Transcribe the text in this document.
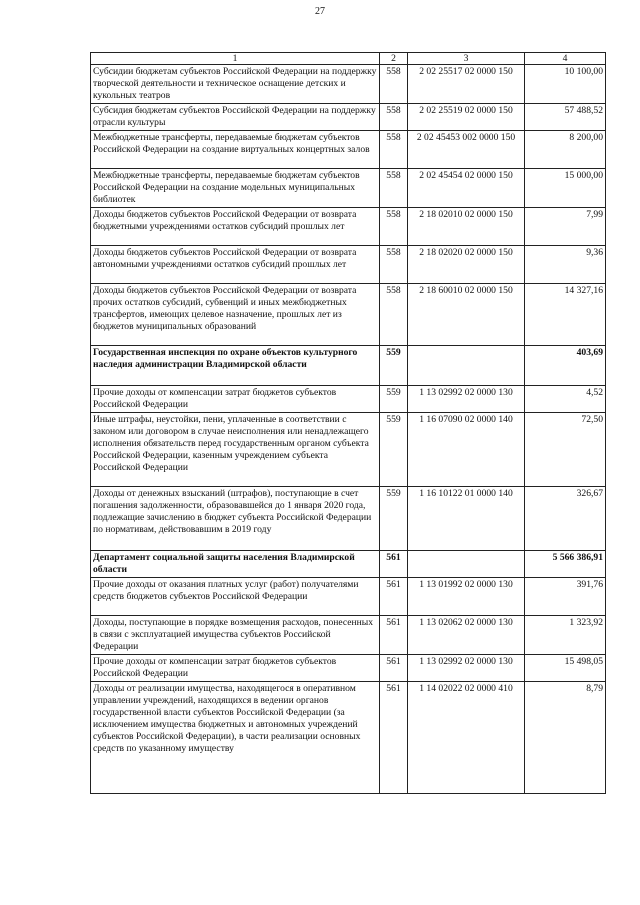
27
1	2	3	4
Субсидии бюджетам субъектов Российской Федерации на поддержку творческой деятельности и техническое оснащение детских и кукольных театров	558	2 02 25517 02 0000 150	10 100,00
Субсидия бюджетам субъектов Российской Федерации на поддержку отрасли культуры	558	2 02 25519 02 0000 150	57 488,52
Межбюджетные трансферты, передаваемые бюджетам субъектов Российской Федерации на создание виртуальных концертных залов	558	2 02 45453 002 0000 150	8 200,00
Межбюджетные трансферты, передаваемые бюджетам субъектов Российской Федерации на создание модельных муниципальных библиотек	558	2 02 45454 02 0000 150	15 000,00
Доходы бюджетов субъектов Российской Федерации от возврата бюджетными учреждениями остатков субсидий прошлых лет	558	2 18 02010 02 0000 150	7,99
Доходы бюджетов субъектов Российской Федерации от возврата автономными учреждениями остатков субсидий прошлых лет	558	2 18 02020 02 0000 150	9,36
Доходы бюджетов субъектов Российской Федерации от возврата прочих остатков субсидий, субвенций и иных межбюджетных трансфертов, имеющих целевое назначение, прошлых лет из бюджетов муниципальных образований	558	2 18 60010 02 0000 150	14 327,16
Государственная инспекция по охране объектов культурного наследия администрации Владимирской области	559		403,69
Прочие доходы от компенсации затрат бюджетов субъектов Российской Федерации	559	1 13 02992 02 0000 130	4,52
Иные штрафы, неустойки, пени, уплаченные в соответствии с законом или договором в случае неисполнения или ненадлежащего исполнения обязательств перед государственным органом субъекта Российской Федерации, казенным учреждением субъекта Российской Федерации	559	1 16 07090 02 0000 140	72,50
Доходы от денежных взысканий (штрафов), поступающие в счет погашения задолженности, образовавшейся до 1 января 2020 года, подлежащие зачислению в бюджет субъекта Российской Федерации по нормативам, действовавшим в 2019 году	559	1 16 10122 01 0000 140	326,67
Департамент социальной защиты населения Владимирской области	561		5 566 386,91
Прочие доходы от оказания платных услуг (работ) получателями средств бюджетов субъектов Российской Федерации	561	1 13 01992 02 0000 130	391,76
Доходы, поступающие в порядке возмещения расходов, понесенных в связи с эксплуатацией имущества субъектов Российской Федерации	561	1 13 02062 02 0000 130	1 323,92
Прочие доходы от компенсации затрат бюджетов субъектов Российской Федерации	561	1 13 02992 02 0000 130	15 498,05
Доходы от реализации имущества, находящегося в оперативном управлении учреждений, находящихся в ведении органов государственной власти субъектов Российской Федерации (за исключением имущества бюджетных и автономных учреждений субъектов Российской Федерации), в части реализации основных средств по указанному имуществу	561	1 14 02022 02 0000 410	8,79
